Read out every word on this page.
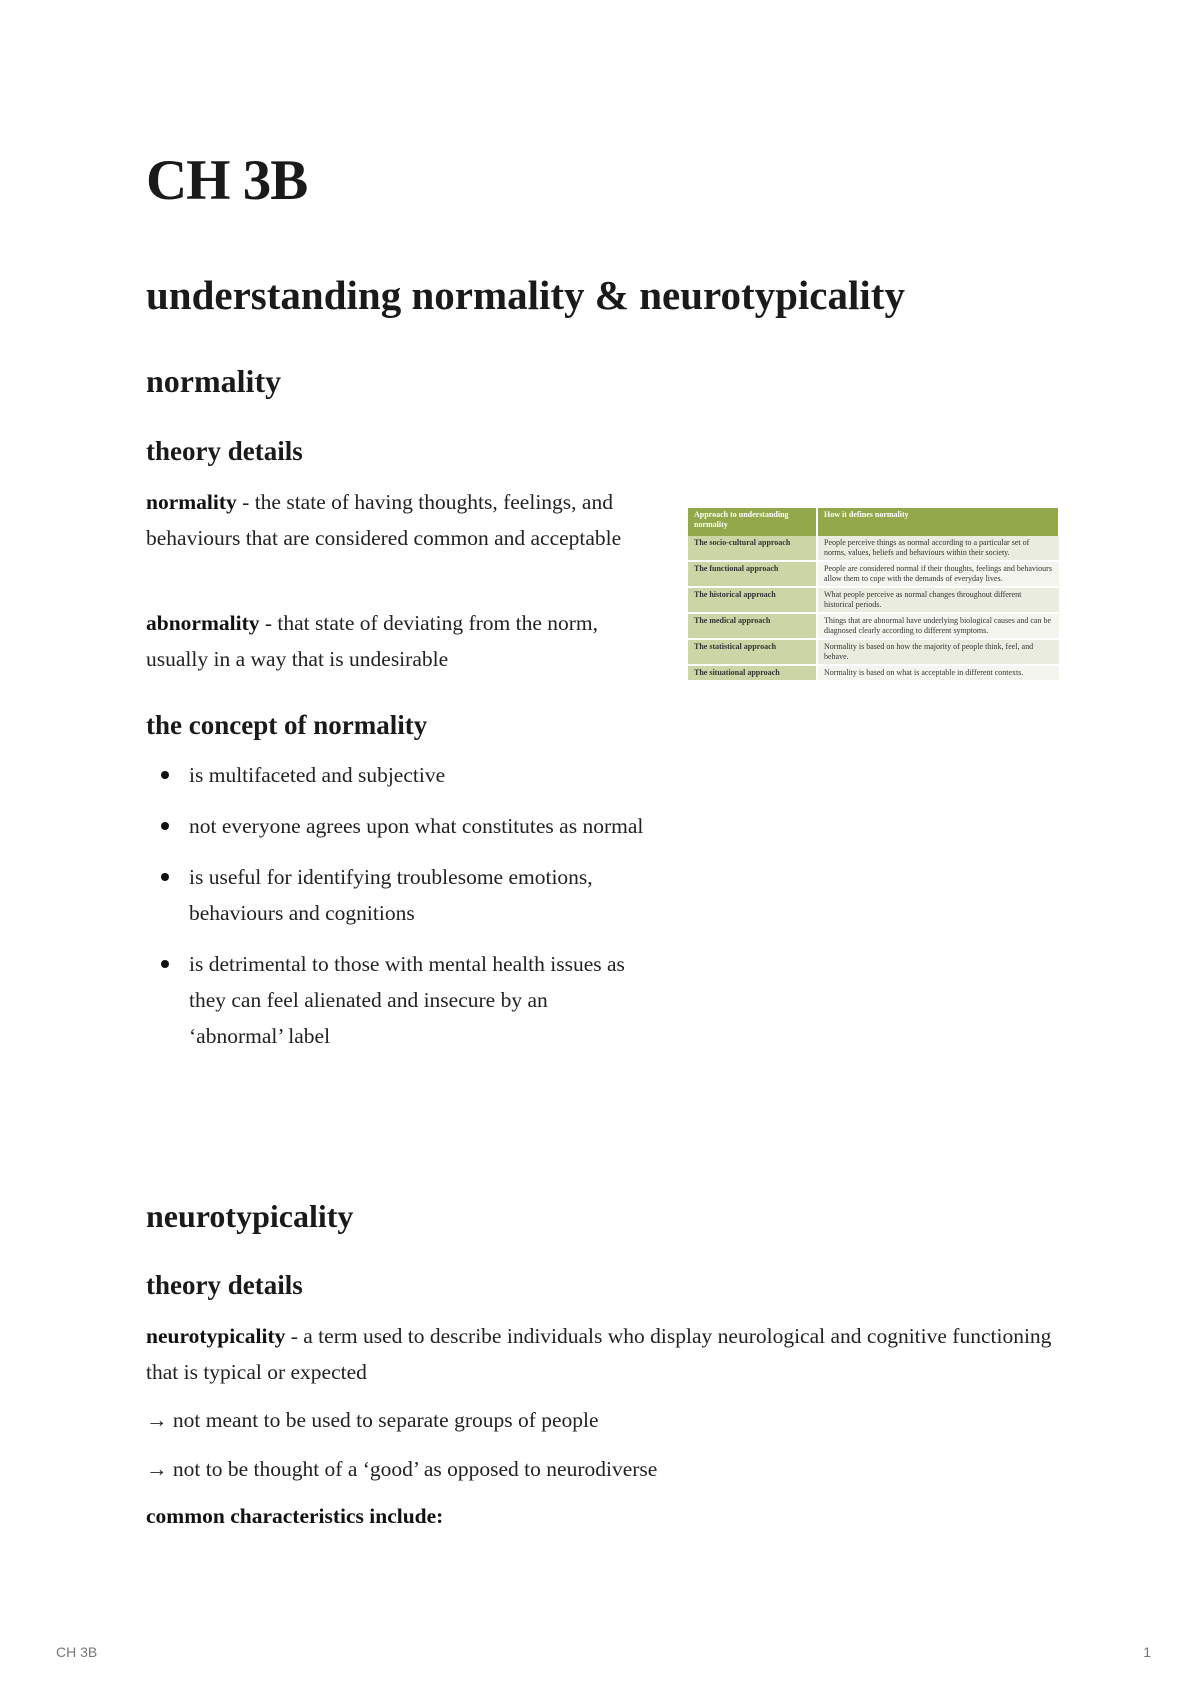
CH 3B
understanding normality & neurotypicality
normality
theory details

normality - the state of having thoughts, feelings, and behaviours that are considered common and acceptable

abnormality - that state of deviating from the norm, usually in a way that is undesirable

the concept of normality
is multifaceted and subjective
not everyone agrees upon what constitutes as normal
is useful for identifying troublesome emotions, behaviours and cognitions
is detrimental to those with mental health issues as they can feel alienated and insecure by an ‘abnormal’ label
neurotypicality
theory details

neurotypicality - a term used to describe individuals who display neurological and cognitive functioning that is typical or expected

→ not meant to be used to separate groups of people

→ not to be thought of a ‘good’ as opposed to neurodiverse

common characteristics include:

Approach to understanding normality	How it defines normality
The socio-cultural approach	People perceive things as normal according to a particular set of norms, values, beliefs and behaviours within their society.
The functional approach	People are considered normal if their thoughts, feelings and behaviours allow them to cope with the demands of everyday lives.
The historical approach	What people perceive as normal changes throughout different historical periods.
The medical approach	Things that are abnormal have underlying biological causes and can be diagnosed clearly according to different symptoms.
The statistical approach	Normality is based on how the majority of people think, feel, and behave.
The situational approach	Normality is based on what is acceptable in different contexts.
CH 3B	1
